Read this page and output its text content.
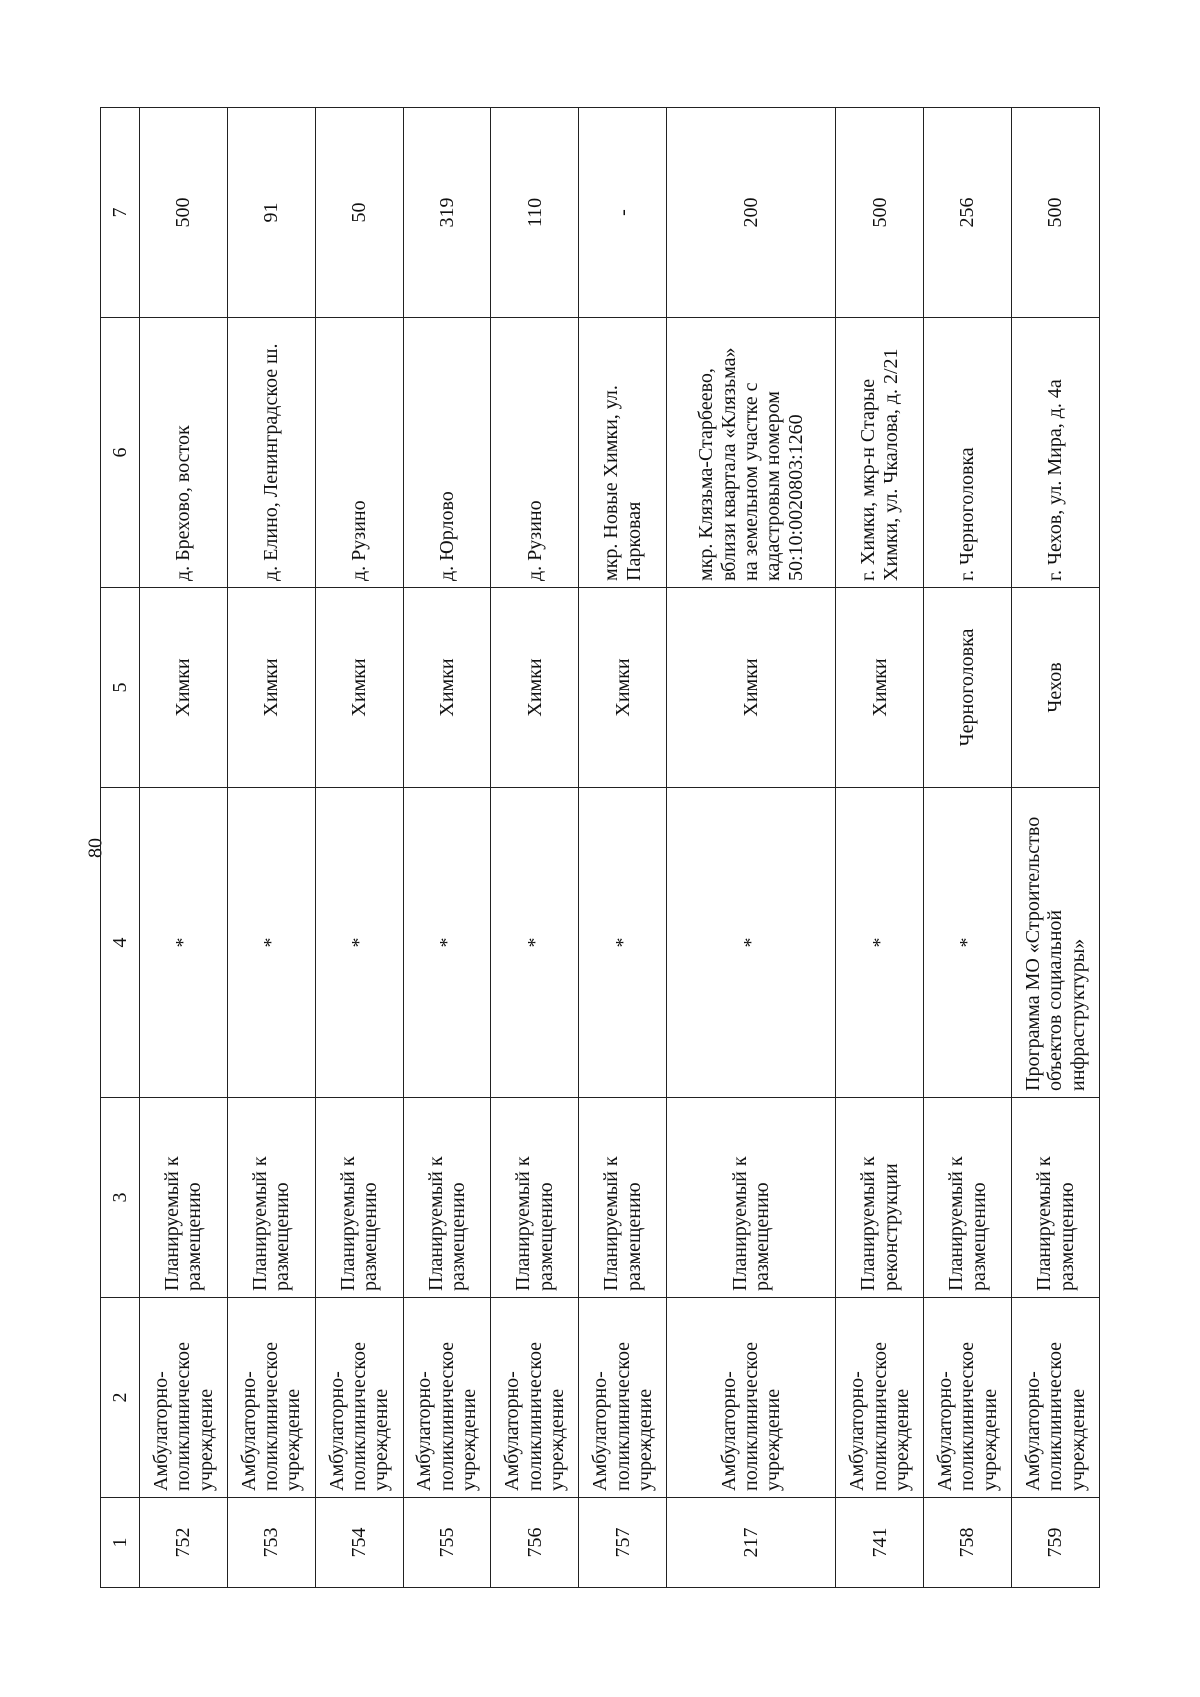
80
1	2	3	4	5	6	7
752	Амбулаторно-поликлиническое учреждение	Планируемый к размещению	*	Химки	д. Брехово, восток	500
753	Амбулаторно-поликлиническое учреждение	Планируемый к размещению	*	Химки	д. Елино, Ленинградское ш.	91
754	Амбулаторно-поликлиническое учреждение	Планируемый к размещению	*	Химки	д. Рузино	50
755	Амбулаторно-поликлиническое учреждение	Планируемый к размещению	*	Химки	д. Юрлово	319
756	Амбулаторно-поликлиническое учреждение	Планируемый к размещению	*	Химки	д. Рузино	110
757	Амбулаторно-поликлиническое учреждение	Планируемый к размещению	*	Химки	мкр. Новые Химки, ул. Парковая	-
217	Амбулаторно-поликлиническое учреждение	Планируемый к размещению	*	Химки	мкр. Клязьма-Старбеево, вблизи квартала «Клязьма» на земельном участке с кадастровым номером 50:10:0020803:1260	200
741	Амбулаторно-поликлиническое учреждение	Планируемый к реконструкции	*	Химки	г. Химки, мкр-н Старые Химки, ул. Чкалова, д. 2/21	500
758	Амбулаторно-поликлиническое учреждение	Планируемый к размещению	*	Черноголовка	г. Черноголовка	256
759	Амбулаторно-поликлиническое учреждение	Планируемый к размещению	Программа МО «Строительство объектов социальной инфраструктуры»	Чехов	г. Чехов, ул. Мира, д. 4а	500
